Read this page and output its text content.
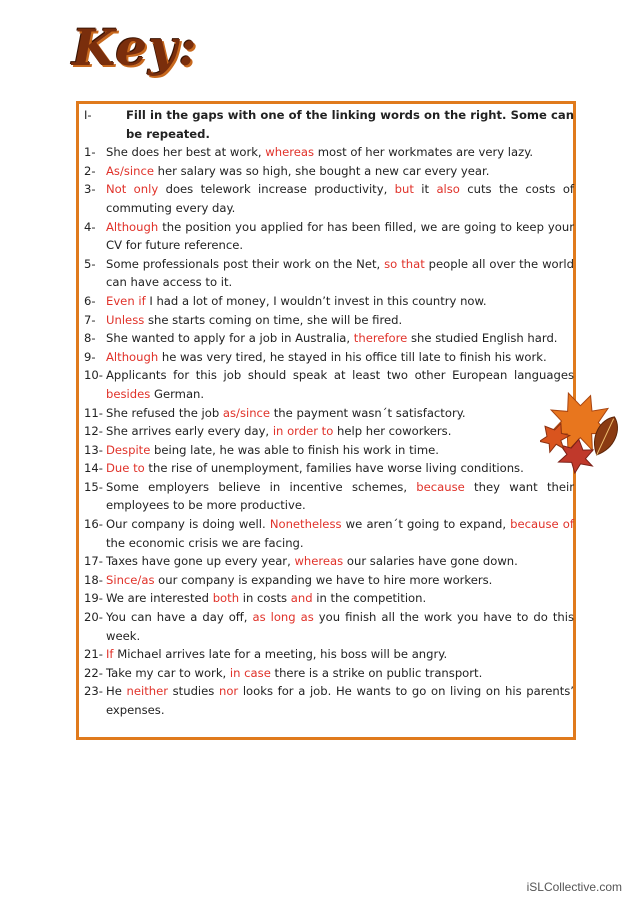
Key:
I-	Fill in the gaps with one of the linking words on the right. Some can be repeated.
1- She does her best at work, whereas most of her workmates are very lazy.
2- As/since her salary was so high, she bought a new car every year.
3- Not only does telework increase productivity, but it also cuts the costs of commuting every day.
4- Although the position you applied for has been filled, we are going to keep your CV for future reference.
5- Some professionals post their work on the Net, so that people all over the world can have access to it.
6- Even if I had a lot of money, I wouldn’t invest in this country now.
7- Unless she starts coming on time, she will be fired.
8- She wanted to apply for a job in Australia, therefore she studied English hard.
9- Although he was very tired, he stayed in his office till late to finish his work.
10- Applicants for this job should speak at least two other European languages besides German.
11- She refused the job as/since the payment wasn´t satisfactory.
12- She arrives early every day, in order to help her coworkers.
13- Despite being late, he was able to finish his work in time.
14- Due to the rise of unemployment, families have worse living conditions.
15- Some employers believe in incentive schemes, because they want their employees to be more productive.
16- Our company is doing well. Nonetheless we aren´t going to expand, because of the economic crisis we are facing.
17- Taxes have gone up every year, whereas our salaries have gone down.
18- Since/as our company is expanding we have to hire more workers.
19- We are interested both in costs and in the competition.
20- You can have a day off, as long as you finish all the work you have to do this week.
21- If Michael arrives late for a meeting, his boss will be angry.
22- Take my car to work, in case there is a strike on public transport.
23- He neither studies nor looks for a job. He wants to go on living on his parents’ expenses.
iSLCollective.com
